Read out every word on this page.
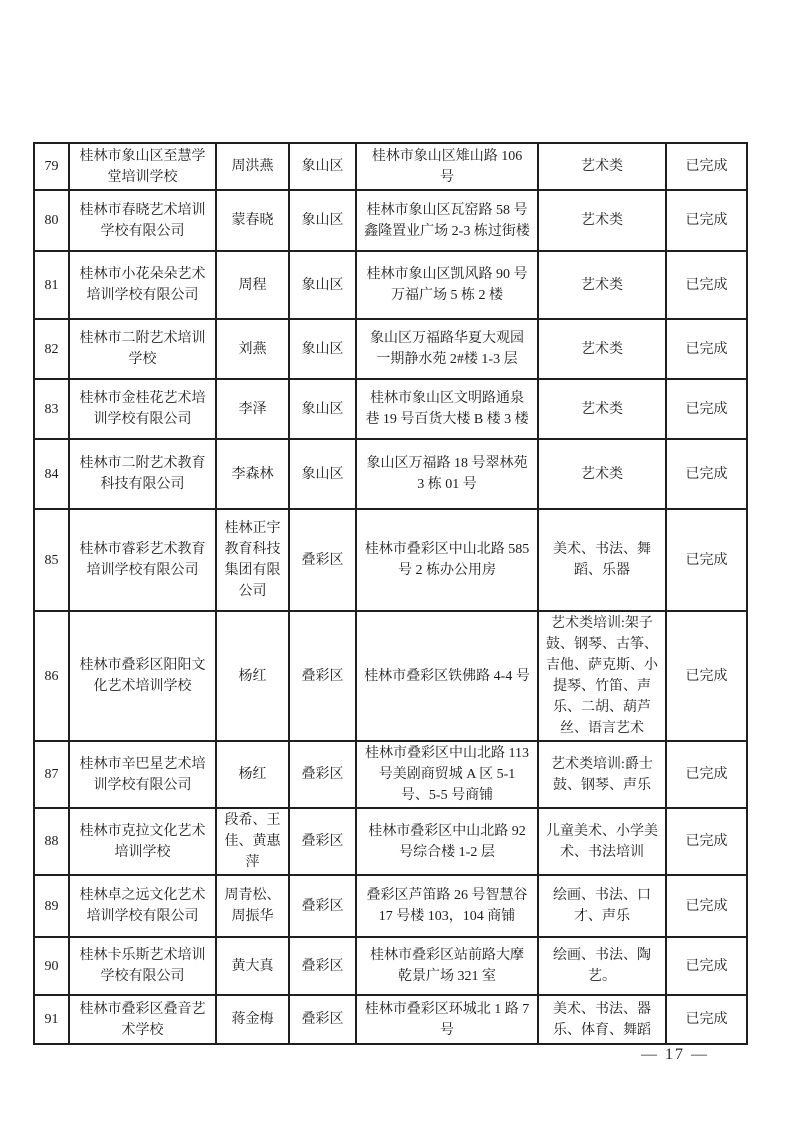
79	桂林市象山区至慧学堂培训学校	周洪燕	象山区	桂林市象山区雉山路 106 号	艺术类	已完成
80	桂林市春晓艺术培训学校有限公司	蒙春晓	象山区	桂林市象山区瓦窑路 58 号鑫隆置业广场 2-3 栋过街楼	艺术类	已完成
81	桂林市小花朵朵艺术培训学校有限公司	周程	象山区	桂林市象山区凯风路 90 号万福广场 5 栋 2 楼	艺术类	已完成
82	桂林市二附艺术培训学校	刘燕	象山区	象山区万福路华夏大观园一期静水苑 2#楼 1-3 层	艺术类	已完成
83	桂林市金桂花艺术培训学校有限公司	李泽	象山区	桂林市象山区文明路通泉巷 19 号百货大楼 B 楼 3 楼	艺术类	已完成
84	桂林市二附艺术教育科技有限公司	李森林	象山区	象山区万福路 18 号翠林苑 3 栋 01 号	艺术类	已完成
85	桂林市睿彩艺术教育培训学校有限公司	桂林正宇教育科技集团有限公司	叠彩区	桂林市叠彩区中山北路 585 号 2 栋办公用房	美术、书法、舞蹈、乐器	已完成
86	桂林市叠彩区阳阳文化艺术培训学校	杨红	叠彩区	桂林市叠彩区铁佛路 4-4 号	艺术类培训:架子鼓、钢琴、古筝、吉他、萨克斯、小提琴、竹笛、声乐、二胡、葫芦丝、语言艺术	已完成
87	桂林市辛巴星艺术培训学校有限公司	杨红	叠彩区	桂林市叠彩区中山北路 113 号美剧商贸城 A 区 5-1 号、5-5 号商铺	艺术类培训:爵士鼓、钢琴、声乐	已完成
88	桂林市克拉文化艺术培训学校	段希、王佳、黄惠萍	叠彩区	桂林市叠彩区中山北路 92 号综合楼 1-2 层	儿童美术、小学美术、书法培训	已完成
89	桂林卓之远文化艺术培训学校有限公司	周青松、周振华	叠彩区	叠彩区芦笛路 26 号智慧谷 17 号楼 103，104 商铺	绘画、书法、口才、声乐	已完成
90	桂林卡乐斯艺术培训学校有限公司	黄大真	叠彩区	桂林市叠彩区站前路大摩乾景广场 321 室	绘画、书法、陶艺。	已完成
91	桂林市叠彩区叠音艺术学校	蒋金梅	叠彩区	桂林市叠彩区环城北 1 路 7 号	美术、书法、器乐、体育、舞蹈	已完成
— 17 —
